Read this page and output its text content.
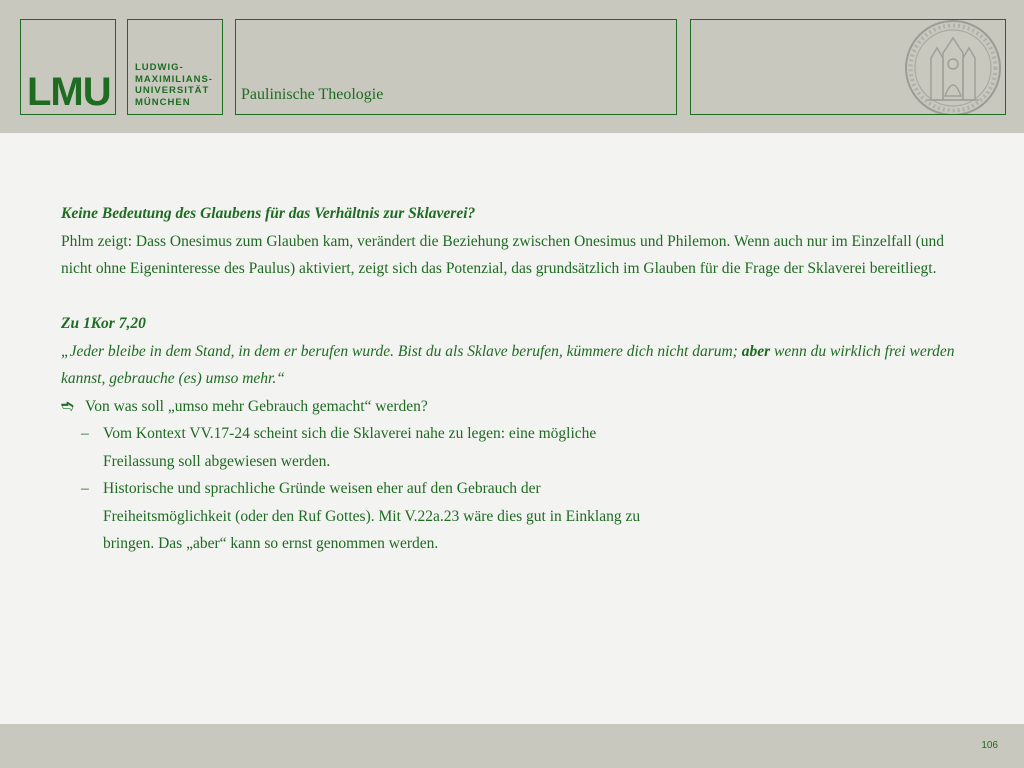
LMU
LUDWIG-
MAXIMILIANS-
UNIVERSITÄT
MÜNCHEN	Paulinische Theologie

Keine Bedeutung des Glaubens für das Verhältnis zur Sklaverei?

Phlm zeigt: Dass Onesimus zum Glauben kam, verändert die Beziehung zwischen Onesimus und Philemon. Wenn auch nur im Einzelfall (und nicht ohne Eigeninteresse des Paulus) aktiviert, zeigt sich das Potenzial, das grundsätzlich im Glauben für die Frage der Sklaverei bereitliegt.

Zu 1Kor 7,20

„Jeder bleibe in dem Stand, in dem er berufen wurde. Bist du als Sklave berufen, kümmere dich nicht darum; aber wenn du wirklich frei werden kannst, gebrauche (es) umso mehr.“

➬ Von was soll „umso mehr Gebrauch gemacht“ werden?
– Vom Kontext VV.17-24 scheint sich die Sklaverei nahe zu legen: eine mögliche Freilassung soll abgewiesen werden.
– Historische und sprachliche Gründe weisen eher auf den Gebrauch der Freiheitsmöglichkeit (oder den Ruf Gottes). Mit V.22a.23 wäre dies gut in Einklang zu bringen. Das „aber“ kann so ernst genommen werden.
106
